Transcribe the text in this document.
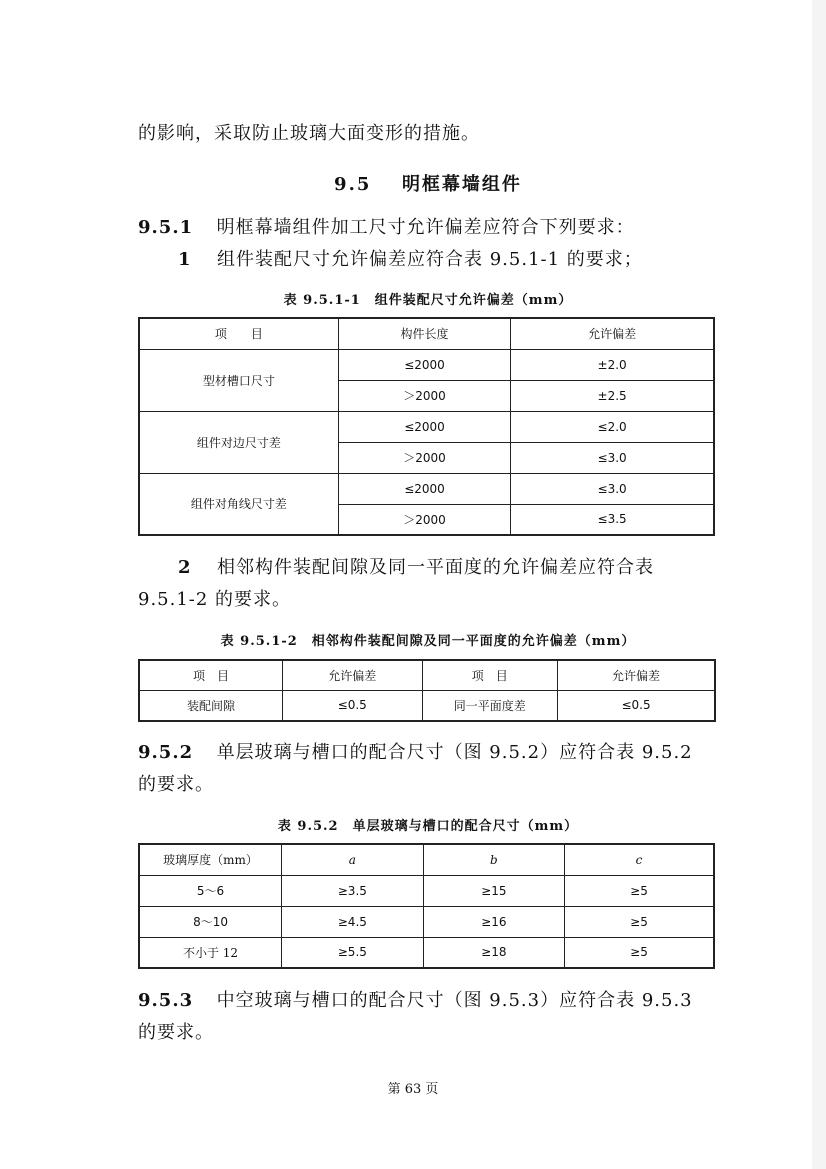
的影响，采取防止玻璃大面变形的措施。

9.5 明框幕墙组件

9.5.1 明框幕墙组件加工尺寸允许偏差应符合下列要求：

1 组件装配尺寸允许偏差应符合表 9.5.1-1 的要求；

表 9.5.1-1　组件装配尺寸允许偏差（mm）
项　　目	构件长度	允许偏差
型材槽口尺寸	≤2000	±2.0
	＞2000	±2.5
组件对边尺寸差	≤2000	≤2.0
	＞2000	≤3.0
组件对角线尺寸差	≤2000	≤3.0
	＞2000	≤3.5

2 相邻构件装配间隙及同一平面度的允许偏差应符合表 9.5.1-2 的要求。

表 9.5.1-2　相邻构件装配间隙及同一平面度的允许偏差（mm）
项　目	允许偏差	项　目	允许偏差
装配间隙	≤0.5	同一平面度差	≤0.5

9.5.2 单层玻璃与槽口的配合尺寸（图 9.5.2）应符合表 9.5.2 的要求。

表 9.5.2　单层玻璃与槽口的配合尺寸（mm）
玻璃厚度（mm）	a	b	c
5～6	≥3.5	≥15	≥5
8～10	≥4.5	≥16	≥5
不小于 12	≥5.5	≥18	≥5

9.5.3 中空玻璃与槽口的配合尺寸（图 9.5.3）应符合表 9.5.3 的要求。

第 63 页
